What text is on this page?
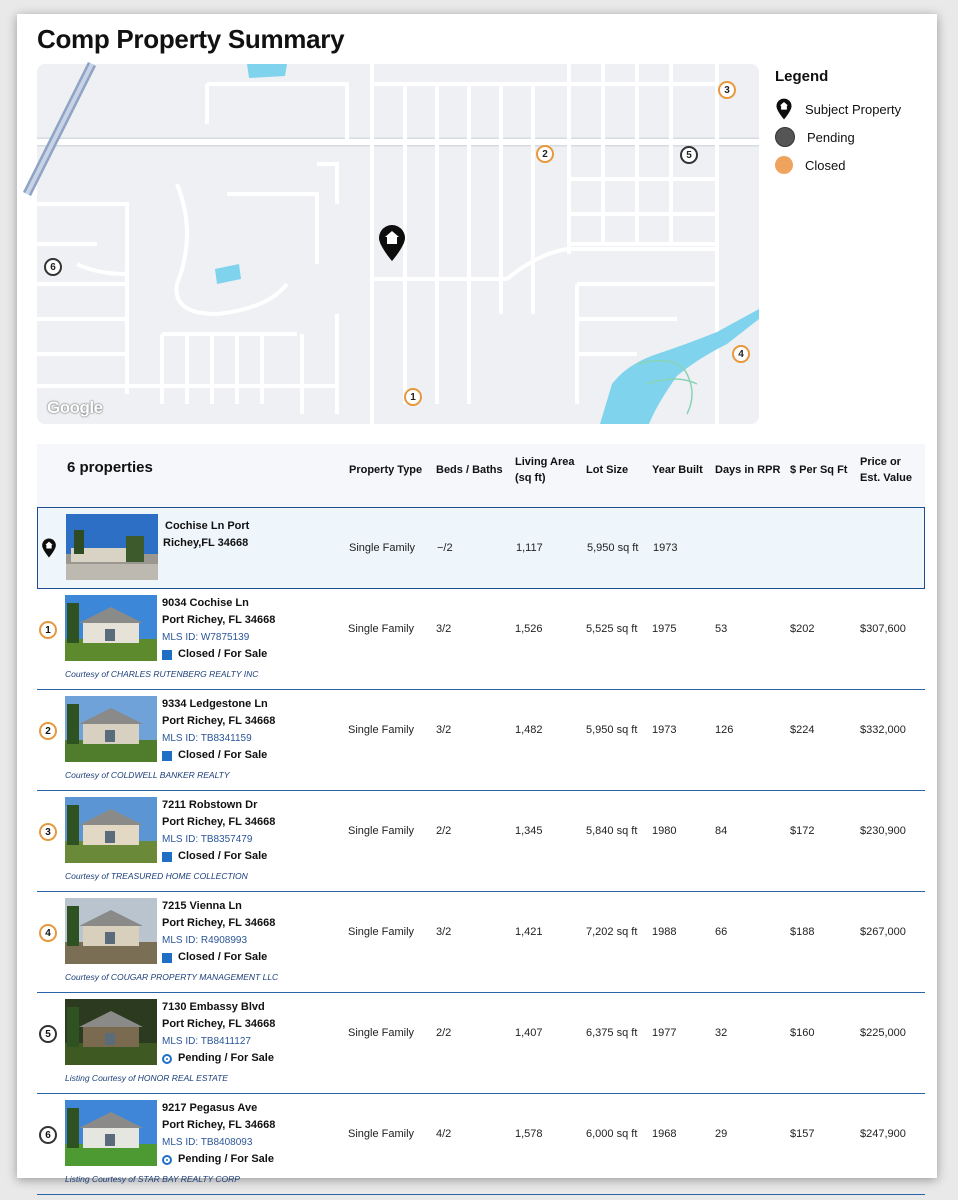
Comp Property Summary
1
2
3
4
5
6
Google
Legend
Subject Property
Pending
Closed
6 properties	Property Type Beds / Baths
Living Area
(sq ft)
Lot Size Year Built Days in RPR $ Per Sq Ft
Price or
Est. Value
Cochise Ln Port
Richey,FL 34668	Single Family −/2	1,117	5,950 sq ft 1973
1
9034 Cochise Ln
Port Richey, FL 34668
MLS ID: W7875139

Closed / For Sale
Courtesy of CHARLES RUTENBERG REALTY INC
Single Family 3/2	1,526	5,525 sq ft 1975	53	$202	$307,600
2
9334 Ledgestone Ln
Port Richey, FL 34668
MLS ID: TB8341159

Closed / For Sale
Courtesy of COLDWELL BANKER REALTY
Single Family 3/2	1,482	5,950 sq ft 1973	126	$224	$332,000
3
7211 Robstown Dr
Port Richey, FL 34668
MLS ID: TB8357479

Closed / For Sale
Courtesy of TREASURED HOME COLLECTION
Single Family 2/2	1,345	5,840 sq ft 1980	84	$172	$230,900
4
7215 Vienna Ln
Port Richey, FL 34668
MLS ID: R4908993

Closed / For Sale
Courtesy of COUGAR PROPERTY MANAGEMENT LLC
Single Family 3/2	1,421	7,202 sq ft 1988	66	$188	$267,000
5
7130 Embassy Blvd
Port Richey, FL 34668
MLS ID: TB8411127

Pending / For Sale
Listing Courtesy of HONOR REAL ESTATE
Single Family 2/2	1,407	6,375 sq ft 1977	32	$160	$225,000
6
9217 Pegasus Ave
Port Richey, FL 34668
MLS ID: TB8408093

Pending / For Sale
Listing Courtesy of STAR BAY REALTY CORP
Single Family 4/2	1,578	6,000 sq ft 1968	29	$157	$247,900
